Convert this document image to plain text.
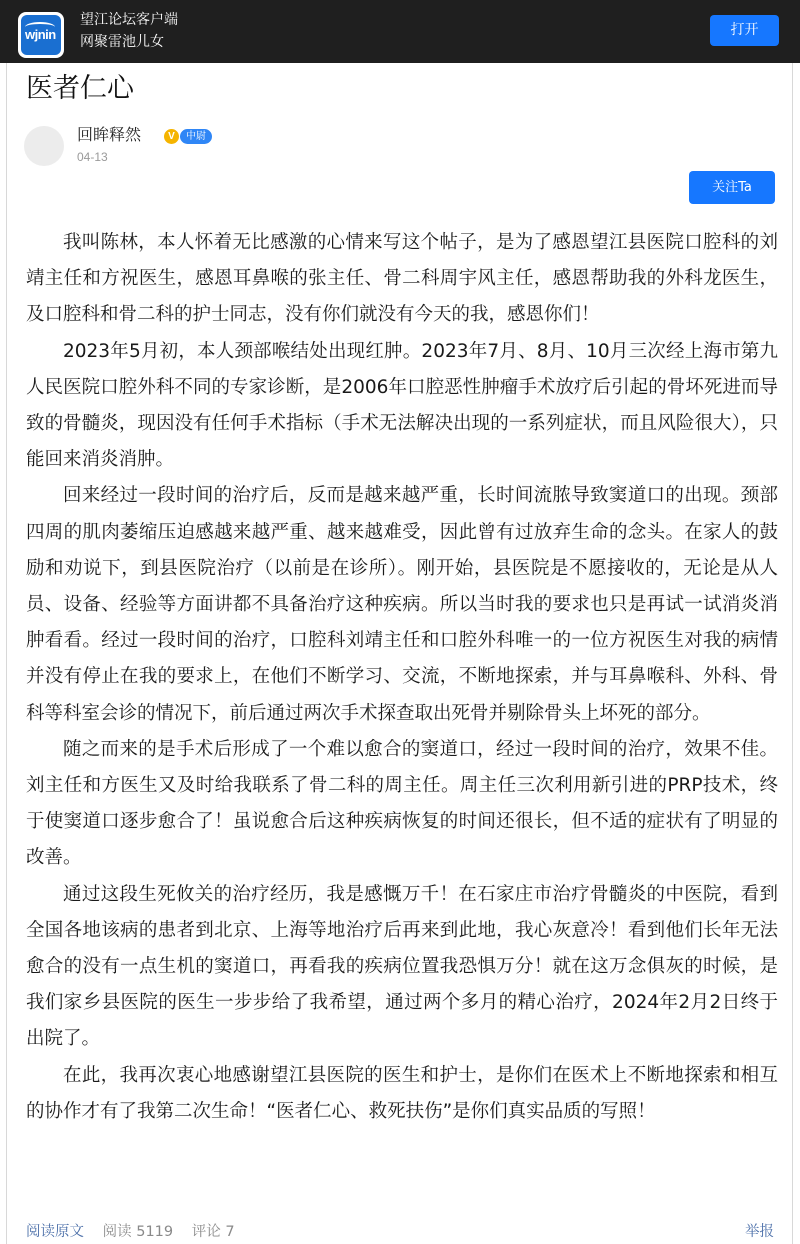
wjnin
望江论坛客户端
网聚雷池儿女
打开
医者仁心
回眸释然	V	中尉
04-13
关注Ta

我叫陈林，本人怀着无比感激的心情来写这个帖子，是为了感恩望江县医院口腔科的刘靖主任和方祝医生，感恩耳鼻喉的张主任、骨二科周宇风主任，感恩帮助我的外科龙医生，及口腔科和骨二科的护士同志，没有你们就没有今天的我，感恩你们！

2023年5月初，本人颈部喉结处出现红肿。2023年7月、8月、10月三次经上海市第九人民医院口腔外科不同的专家诊断，是2006年口腔恶性肿瘤手术放疗后引起的骨坏死进而导致的骨髓炎，现因没有任何手术指标（手术无法解决出现的一系列症状，而且风险很大），只能回来消炎消肿。

回来经过一段时间的治疗后，反而是越来越严重，长时间流脓导致窦道口的出现。颈部四周的肌肉萎缩压迫感越来越严重、越来越难受，因此曾有过放弃生命的念头。在家人的鼓励和劝说下，到县医院治疗（以前是在诊所）。刚开始，县医院是不愿接收的，无论是从人员、设备、经验等方面讲都不具备治疗这种疾病。所以当时我的要求也只是再试一试消炎消肿看看。经过一段时间的治疗，口腔科刘靖主任和口腔外科唯一的一位方祝医生对我的病情并没有停止在我的要求上，在他们不断学习、交流，不断地探索，并与耳鼻喉科、外科、骨科等科室会诊的情况下，前后通过两次手术探查取出死骨并剔除骨头上坏死的部分。

随之而来的是手术后形成了一个难以愈合的窦道口，经过一段时间的治疗，效果不佳。刘主任和方医生又及时给我联系了骨二科的周主任。周主任三次利用新引进的PRP技术，终于使窦道口逐步愈合了！虽说愈合后这种疾病恢复的时间还很长，但不适的症状有了明显的改善。

通过这段生死攸关的治疗经历，我是感慨万千！在石家庄市治疗骨髓炎的中医院，看到全国各地该病的患者到北京、上海等地治疗后再来到此地，我心灰意冷！看到他们长年无法愈合的没有一点生机的窦道口，再看我的疾病位置我恐惧万分！就在这万念俱灰的时候，是我们家乡县医院的医生一步步给了我希望，通过两个多月的精心治疗，2024年2月2日终于出院了。

在此，我再次衷心地感谢望江县医院的医生和护士，是你们在医术上不断地探索和相互的协作才有了我第二次生命！“医者仁心、救死扶伤”是你们真实品质的写照！

阅读原文 阅读 5119 评论 7	举报
